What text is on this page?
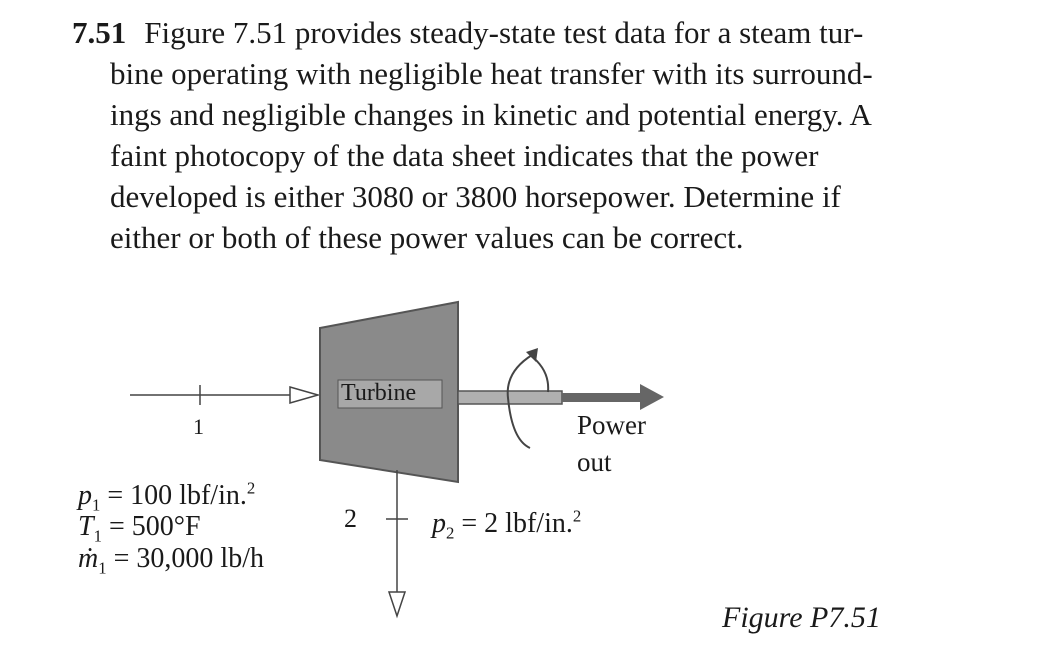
7.51 Figure 7.51 provides steady-state test data for a steam tur-
bine operating with negligible heat transfer with its surround-
ings and negligible changes in kinetic and potential energy. A
faint photocopy of the data sheet indicates that the power
developed is either 3080 or 3800 horsepower. Determine if
either or both of these power values can be correct.
Turbine
1
2
Power
out
$p_1 = 100$ lbf/in.$^2$
$T_1 = 500^\circ F$
ṁ$_1$ = 30,000 lb/h
$p_2 = 2$ lbf/in.$^2$
Figure P7.51
